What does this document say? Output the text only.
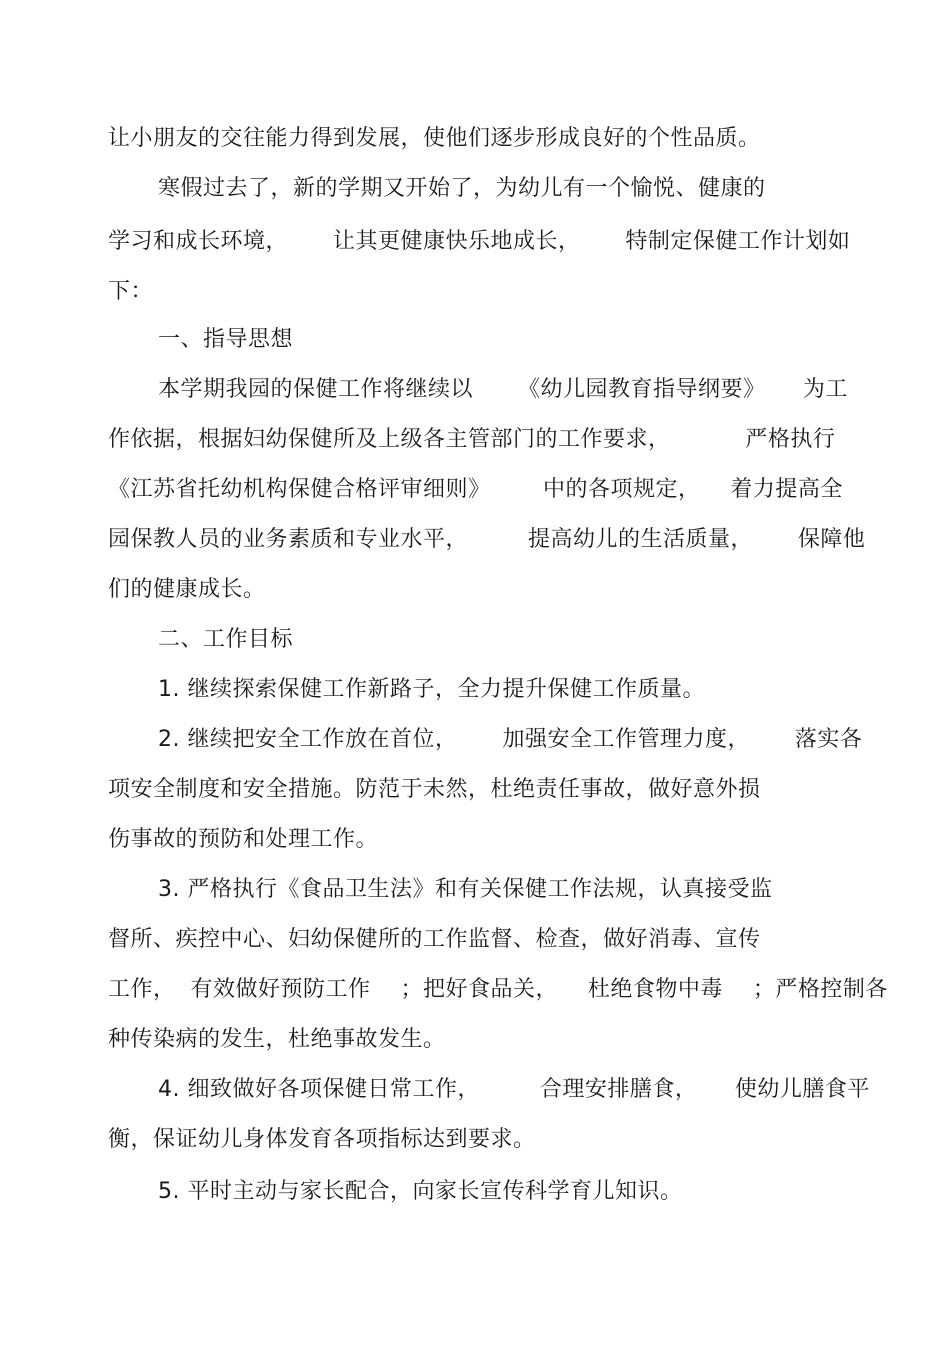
让小朋友的交往能力得到发展，使他们逐步形成良好的个性品质。
寒假过去了，新的学期又开始了，为幼儿有一个愉悦、健康的
学习和成长环境，      让其更健康快乐地成长，      特制定保健工作计划如
下：
一、指导思想
本学期我园的保健工作将继续以      《幼儿园教育指导纲要》     为工
作依据，根据妇幼保健所及上级各主管部门的工作要求，          严格执行
《江苏省托幼机构保健合格评审细则》       中的各项规定，    着力提高全
园保教人员的业务素质和专业水平，        提高幼儿的生活质量，      保障他
们的健康成长。
二、工作目标
1. 继续探索保健工作新路子，全力提升保健工作质量。
2. 继续把安全工作放在首位，      加强安全工作管理力度，      落实各
项安全制度和安全措施。防范于未然，杜绝责任事故，做好意外损
伤事故的预防和处理工作。
3. 严格执行《食品卫生法》和有关保健工作法规，认真接受监
督所、疾控中心、妇幼保健所的工作监督、检查，做好消毒、宣传
工作，  有效做好预防工作    ；把好食品关，    杜绝食物中毒    ；严格控制各
种传染病的发生，杜绝事故发生。
4. 细致做好各项保健日常工作，        合理安排膳食，     使幼儿膳食平
衡，保证幼儿身体发育各项指标达到要求。
5. 平时主动与家长配合，向家长宣传科学育儿知识。
